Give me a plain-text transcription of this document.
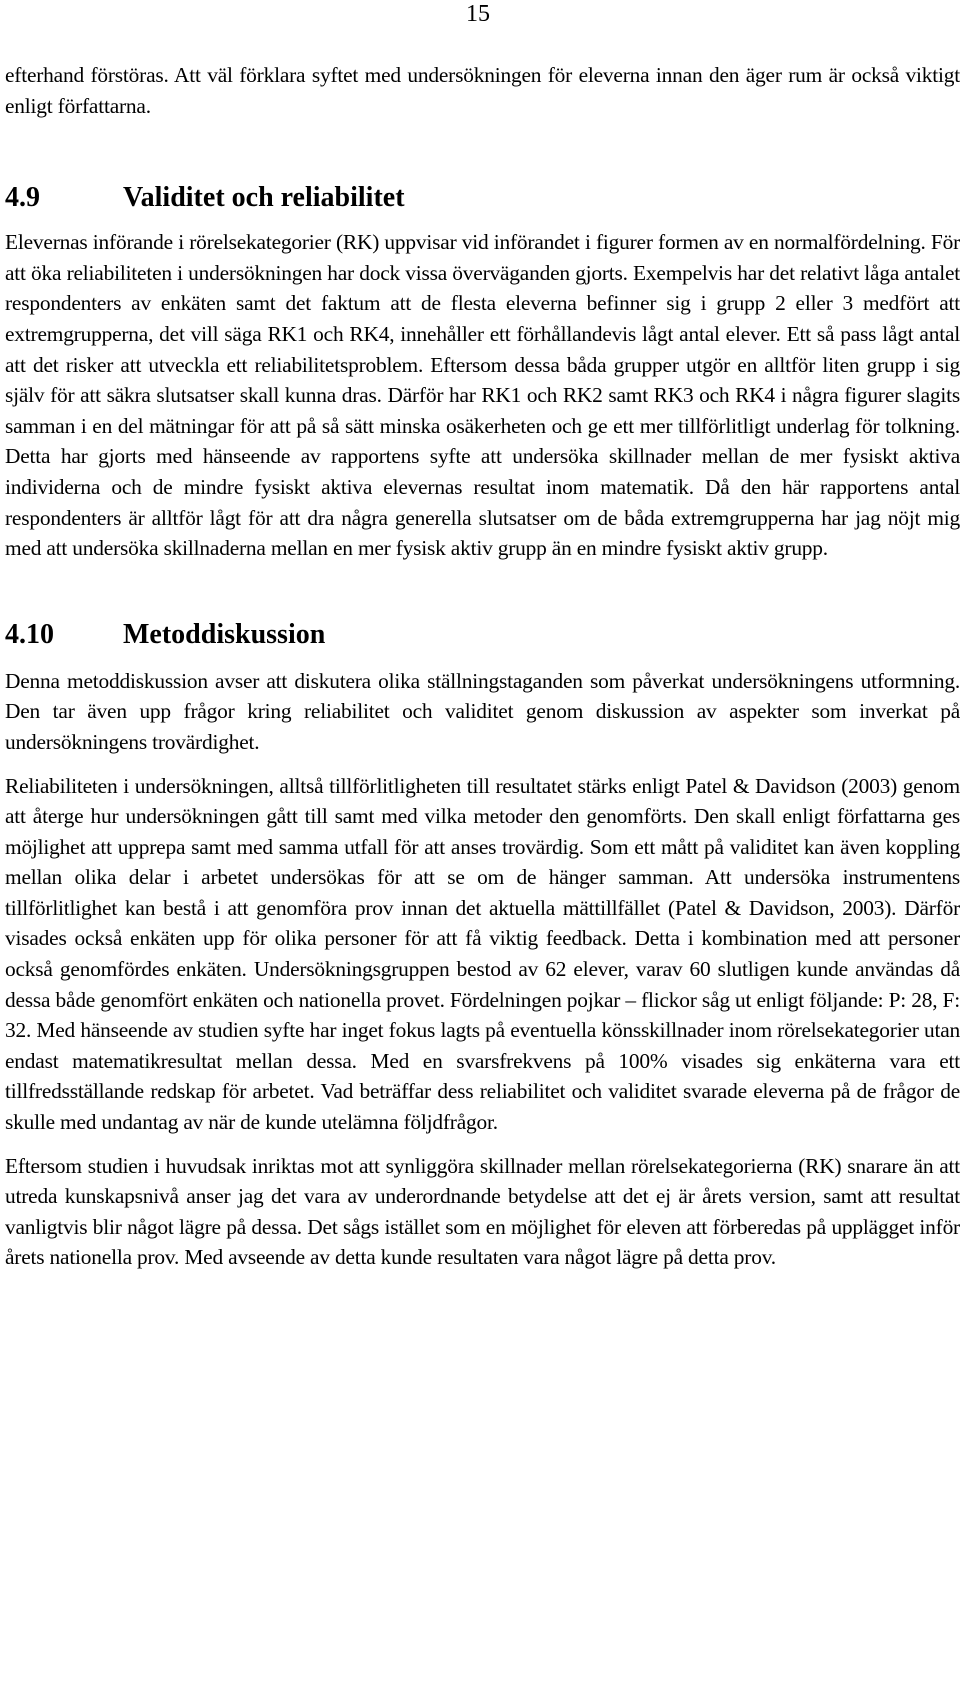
15

efterhand förstöras. Att väl förklara syftet med undersökningen för eleverna innan den äger rum är också viktigt enligt författarna.

4.9	Validitet och reliabilitet

Elevernas införande i rörelsekategorier (RK) uppvisar vid införandet i figurer formen av en normalfördelning. För att öka reliabiliteten i undersökningen har dock vissa överväganden gjorts. Exempelvis har det relativt låga antalet respondenters av enkäten samt det faktum att de flesta eleverna befinner sig i grupp 2 eller 3 medfört att extremgrupperna, det vill säga RK1 och RK4, innehåller ett förhållandevis lågt antal elever. Ett så pass lågt antal att det risker att utveckla ett reliabilitetsproblem. Eftersom dessa båda grupper utgör en alltför liten grupp i sig själv för att säkra slutsatser skall kunna dras. Därför har RK1 och RK2 samt RK3 och RK4 i några figurer slagits samman i en del mätningar för att på så sätt minska osäkerheten och ge ett mer tillförlitligt underlag för tolkning. Detta har gjorts med hänseende av rapportens syfte att undersöka skillnader mellan de mer fysiskt aktiva individerna och de mindre fysiskt aktiva elevernas resultat inom matematik. Då den här rapportens antal respondenters är alltför lågt för att dra några generella slutsatser om de båda extremgrupperna har jag nöjt mig med att undersöka skillnaderna mellan en mer fysisk aktiv grupp än en mindre fysiskt aktiv grupp.

4.10	Metoddiskussion

Denna metoddiskussion avser att diskutera olika ställningstaganden som påverkat undersökningens utformning. Den tar även upp frågor kring reliabilitet och validitet genom diskussion av aspekter som inverkat på undersökningens trovärdighet.

Reliabiliteten i undersökningen, alltså tillförlitligheten till resultatet stärks enligt Patel & Davidson (2003) genom att återge hur undersökningen gått till samt med vilka metoder den genomförts. Den skall enligt författarna ges möjlighet att upprepa samt med samma utfall för att anses trovärdig. Som ett mått på validitet kan även koppling mellan olika delar i arbetet undersökas för att se om de hänger samman. Att undersöka instrumentens tillförlitlighet kan bestå i att genomföra prov innan det aktuella mättillfället (Patel & Davidson, 2003). Därför visades också enkäten upp för olika personer för att få viktig feedback. Detta i kombination med att personer också genomfördes enkäten. Undersökningsgruppen bestod av 62 elever, varav 60 slutligen kunde användas då dessa både genomfört enkäten och nationella provet. Fördelningen pojkar – flickor såg ut enligt följande: P: 28, F: 32. Med hänseende av studien syfte har inget fokus lagts på eventuella könsskillnader inom rörelsekategorier utan endast matematikresultat mellan dessa. Med en svarsfrekvens på 100% visades sig enkäterna vara ett tillfredsställande redskap för arbetet. Vad beträffar dess reliabilitet och validitet svarade eleverna på de frågor de skulle med undantag av när de kunde utelämna följdfrågor.

Eftersom studien i huvudsak inriktas mot att synliggöra skillnader mellan rörelsekategorierna (RK) snarare än att utreda kunskapsnivå anser jag det vara av underordnande betydelse att det ej är årets version, samt att resultat vanligtvis blir något lägre på dessa. Det sågs istället som en möjlighet för eleven att förberedas på upplägget inför årets nationella prov. Med avseende av detta kunde resultaten vara något lägre på detta prov.
